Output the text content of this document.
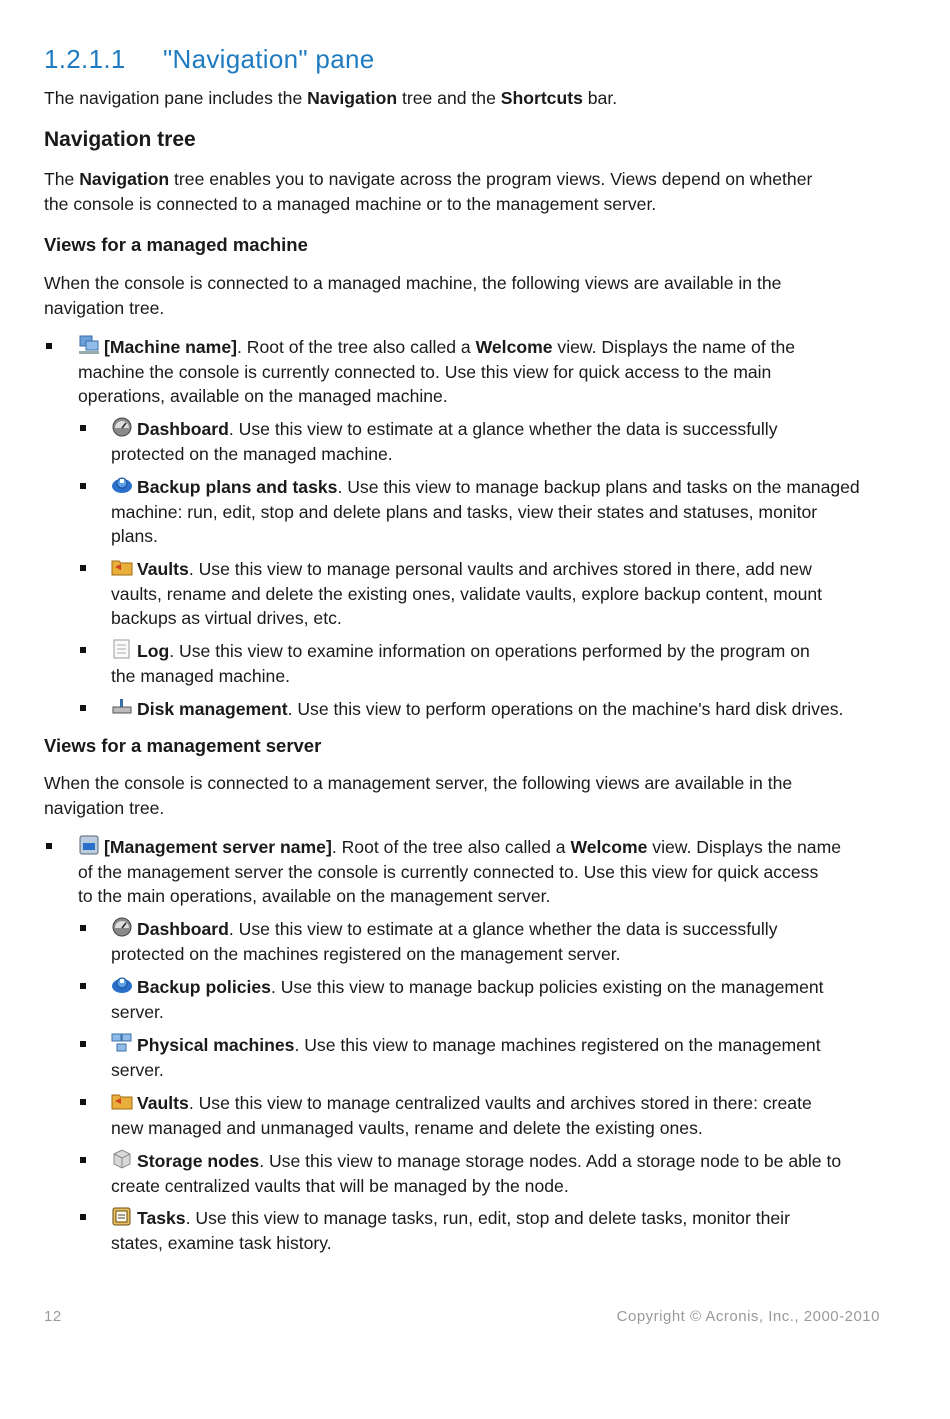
1.2.1.1 "Navigation" pane

The navigation pane includes the Navigation tree and the Shortcuts bar.

Navigation tree

The Navigation tree enables you to navigate across the program views. Views depend on whether
the console is connected to a managed machine or to the management server.

Views for a managed machine

When the console is connected to a managed machine, the following views are available in the
navigation tree.

[Machine name]. Root of the tree also called a Welcome view. Displays the name of the
machine the console is currently connected to. Use this view for quick access to the main
operations, available on the managed machine.

Dashboard. Use this view to estimate at a glance whether the data is successfully
protected on the managed machine.

Backup plans and tasks. Use this view to manage backup plans and tasks on the managed
machine: run, edit, stop and delete plans and tasks, view their states and statuses, monitor
plans.

Vaults. Use this view to manage personal vaults and archives stored in there, add new
vaults, rename and delete the existing ones, validate vaults, explore backup content, mount
backups as virtual drives, etc.

Log. Use this view to examine information on operations performed by the program on
the managed machine.

Disk management. Use this view to perform operations on the machine's hard disk drives.

Views for a management server

When the console is connected to a management server, the following views are available in the
navigation tree.

[Management server name]. Root of the tree also called a Welcome view. Displays the name
of the management server the console is currently connected to. Use this view for quick access
to the main operations, available on the management server.

Dashboard. Use this view to estimate at a glance whether the data is successfully
protected on the machines registered on the management server.

Backup policies. Use this view to manage backup policies existing on the management
server.

Physical machines. Use this view to manage machines registered on the management
server.

Vaults. Use this view to manage centralized vaults and archives stored in there: create
new managed and unmanaged vaults, rename and delete the existing ones.

Storage nodes. Use this view to manage storage nodes. Add a storage node to be able to
create centralized vaults that will be managed by the node.

Tasks. Use this view to manage tasks, run, edit, stop and delete tasks, monitor their
states, examine task history.

12	Copyright © Acronis, Inc., 2000-2010
